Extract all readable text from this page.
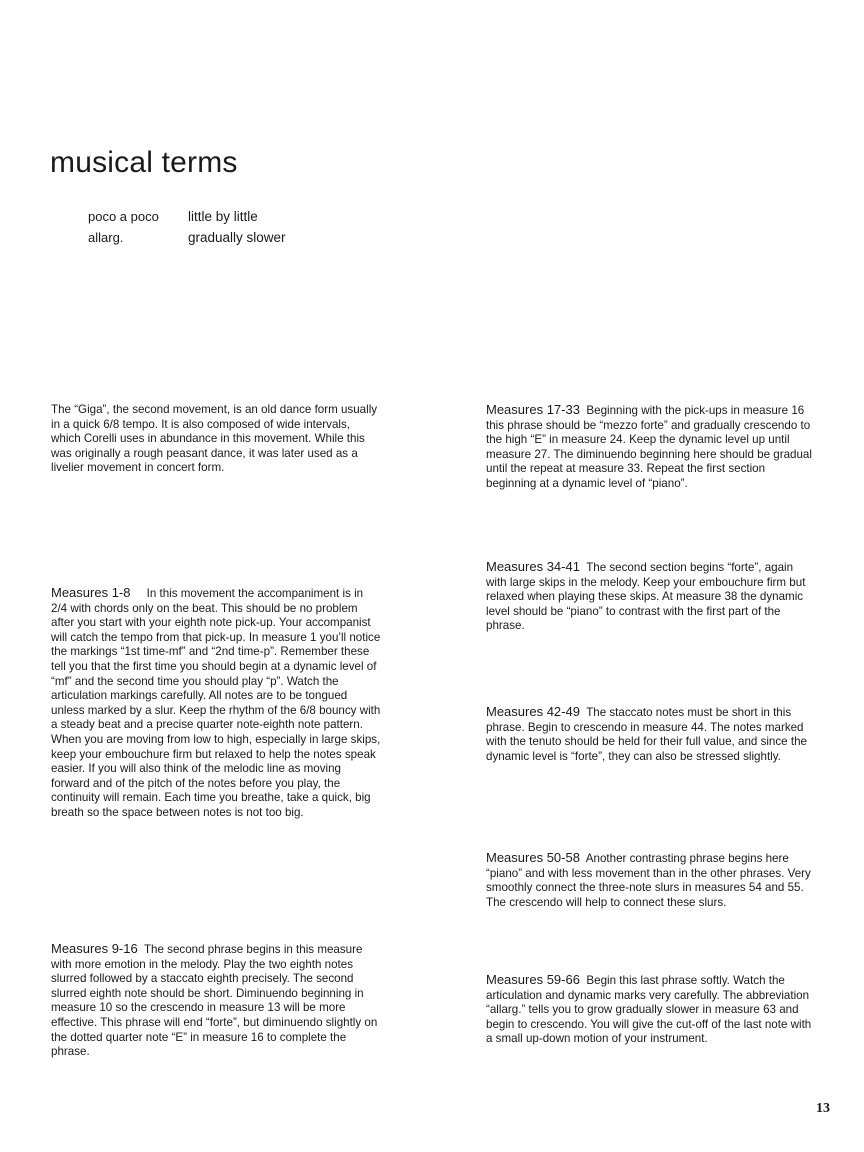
musical terms
poco a poco	little by little
allarg.	gradually slower

The “Giga”, the second movement, is an old dance form usually in a quick 6/8 tempo. It is also composed of wide intervals, which Corelli uses in abundance in this movement. While this was originally a rough peasant dance, it was later used as a livelier movement in concert form.

Measures 1-8 In this movement the accompaniment is in 2/4 with chords only on the beat. This should be no problem after you start with your eighth note pick-up. Your accompanist will catch the tempo from that pick-up. In measure 1 you’ll notice the markings “1st time-mf” and “2nd time-p”. Remember these tell you that the first time you should begin at a dynamic level of “mf” and the second time you should play “p”. Watch the articulation markings carefully. All notes are to be tongued unless marked by a slur. Keep the rhythm of the 6/8 bouncy with a steady beat and a precise quarter note-eighth note pattern. When you are moving from low to high, especially in large skips, keep your embouchure firm but relaxed to help the notes speak easier. If you will also think of the melodic line as moving forward and of the pitch of the notes before you play, the continuity will remain. Each time you breathe, take a quick, big breath so the space between notes is not too big.

Measures 9-16 The second phrase begins in this measure with more emotion in the melody. Play the two eighth notes slurred followed by a staccato eighth precisely. The second slurred eighth note should be short. Diminuendo beginning in measure 10 so the crescendo in measure 13 will be more effective. This phrase will end “forte”, but diminuendo slightly on the dotted quarter note “E” in measure 16 to complete the phrase.

Measures 17-33 Beginning with the pick-ups in measure 16 this phrase should be “mezzo forte” and gradually crescendo to the high “E” in measure 24. Keep the dynamic level up until measure 27. The diminuendo beginning here should be gradual until the repeat at measure 33. Repeat the first section beginning at a dynamic level of “piano”.

Measures 34-41 The second section begins “forte”, again with large skips in the melody. Keep your embouchure firm but relaxed when playing these skips. At measure 38 the dynamic level should be “piano” to contrast with the first part of the phrase.

Measures 42-49 The staccato notes must be short in this phrase. Begin to crescendo in measure 44. The notes marked with the tenuto should be held for their full value, and since the dynamic level is “forte”, they can also be stressed slightly.

Measures 50-58 Another contrasting phrase begins here “piano” and with less movement than in the other phrases. Very smoothly connect the three-note slurs in measures 54 and 55. The crescendo will help to connect these slurs.

Measures 59-66 Begin this last phrase softly. Watch the articulation and dynamic marks very carefully. The abbreviation “allarg.” tells you to grow gradually slower in measure 63 and begin to crescendo. You will give the cut-off of the last note with a small up-down motion of your instrument.

13
